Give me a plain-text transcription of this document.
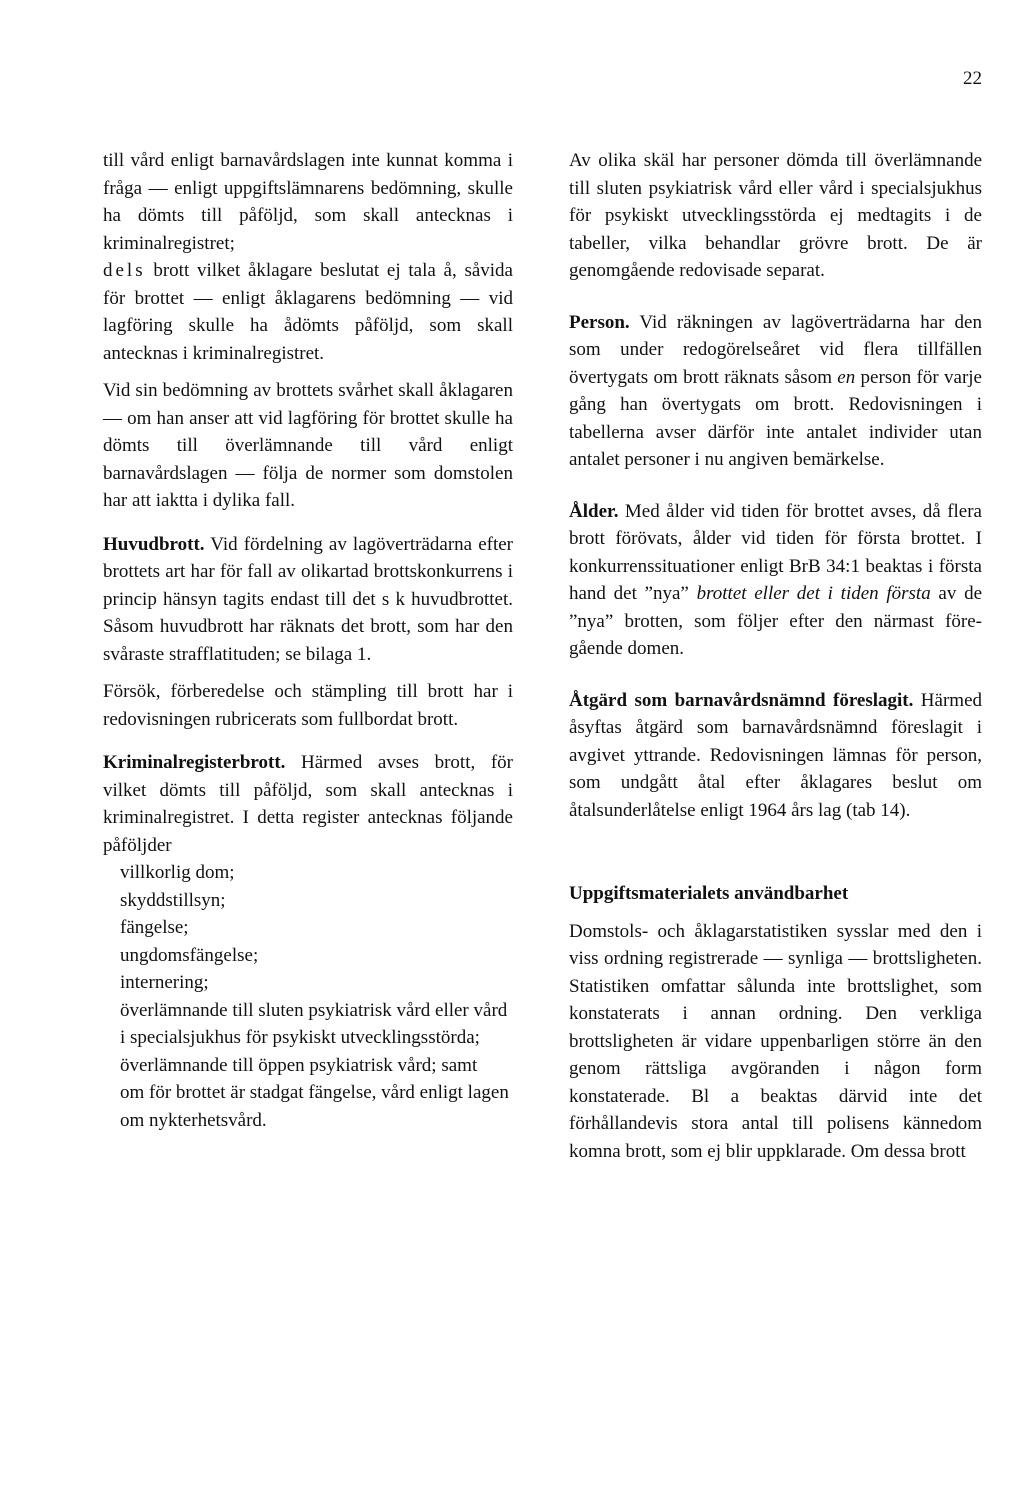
22

till vård enligt barnavårdslagen inte kunnat komma i fråga — enligt uppgiftslämnarens bedömning, skulle ha dömts till påföljd, som skall antecknas i kriminalregistret;

dels brott vilket åklagare beslutat ej tala å, såvida för brottet — enligt åklagarens bedömning — vid lagföring skulle ha ådömts påföljd, som skall antecknas i kriminalregistret.

Vid sin bedömning av brottets svårhet skall åklagaren — om han anser att vid lagföring för brottet skulle ha dömts till överlämnande till vård enligt barnavårdslagen — följa de normer som domstolen har att iaktta i dylika fall.

Huvudbrott. Vid fördelning av lagöverträdarna efter brottets art har för fall av olikartad brottskonkurrens i princip hänsyn tagits endast till det s k huvudbrottet. Såsom huvudbrott har räknats det brott, som har den svåraste strafflatituden; se bilaga 1.

Försök, förberedelse och stämpling till brott har i redovisningen rubricerats som fullbordat brott.

Kriminalregisterbrott. Härmed avses brott, för vilket dömts till påföljd, som skall antecknas i kriminalregistret. I detta register antecknas följande påföljder

villkorlig dom;
skyddstillsyn;
fängelse;
ungdomsfängelse;
internering;
överlämnande till sluten psykiatrisk vård eller vård i specialsjukhus för psykiskt utvecklingsstörda;
överlämnande till öppen psykiatrisk vård; samt
om för brottet är stadgat fängelse, vård enligt lagen om nykterhetsvård.

Av olika skäl har personer dömda till överlämnande till sluten psykiatrisk vård eller vård i specialsjukhus för psykiskt utvecklingsstörda ej medtagits i de tabeller, vilka behandlar grövre brott. De är genomgående redovisade separat.

Person. Vid räkningen av lagöverträdarna har den som under redogörelseåret vid flera tillfällen övertygats om brott räknats såsom en person för varje gång han övertygats om brott. Redovisningen i tabellerna avser därför inte antalet individer utan antalet personer i nu angiven bemärkelse.

Ålder. Med ålder vid tiden för brottet avses, då flera brott förövats, ålder vid tiden för första brottet. I konkurrenssituationer enligt BrB 34:1 beaktas i första hand det ”nya” brottet eller det i tiden första av de ”nya” brotten, som följer efter den närmast föregående domen.

Åtgärd som barnavårdsnämnd föreslagit. Härmed åsyftas åtgärd som barnavårdsnämnd föreslagit i avgivet yttrande. Redovisningen lämnas för person, som undgått åtal efter åklagares beslut om åtalsunderlåtelse enligt 1964 års lag (tab 14).

Uppgiftsmaterialets användbarhet

Domstols- och åklagarstatistiken sysslar med den i viss ordning registrerade — synliga — brottsligheten. Statistiken omfattar sålunda inte brottslighet, som konstaterats i annan ordning. Den verkliga brottsligheten är vidare uppenbarligen större än den genom rättsliga avgöranden i någon form konstaterade. Bl a beaktas därvid inte det förhållandevis stora antal till polisens kännedom komna brott, som ej blir uppklarade. Om dessa brott
